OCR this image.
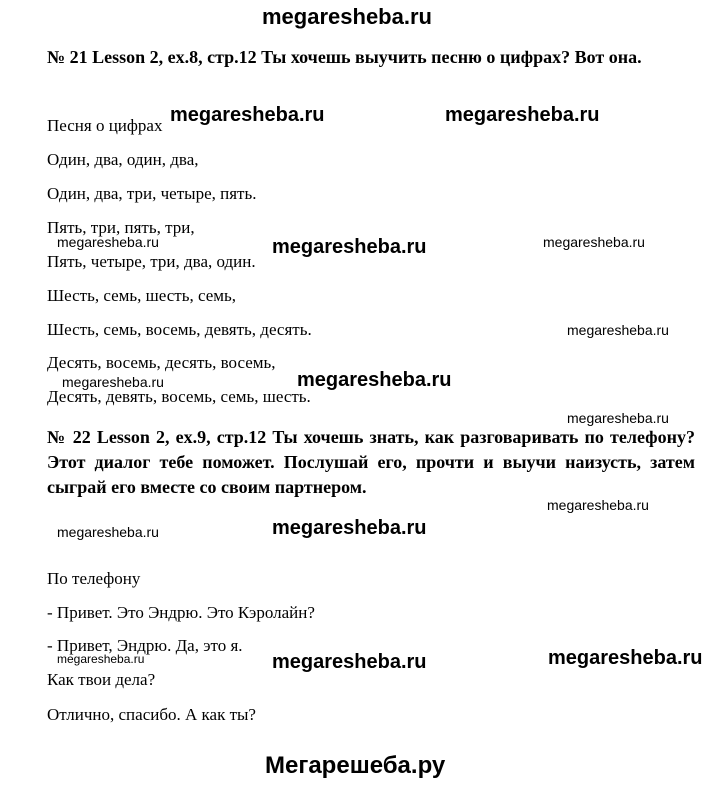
megaresheba.ru
№ 21 Lesson 2, ex.8, стр.12 Ты хочешь выучить песню о цифрах? Вот она.
Песня о цифрах
Один, два, один, два,
Один, два, три, четыре, пять.
Пять, три, пять, три,
Пять, четыре, три, два, один.
Шесть, семь, шесть, семь,
Шесть, семь, восемь, девять, десять.
Десять, восемь, десять, восемь,
Десять, девять, восемь, семь, шесть.
№ 22 Lesson 2, ex.9, стр.12 Ты хочешь знать, как разговаривать по телефону? Этот диалог тебе поможет. Послушай его, прочти и выучи наизусть, затем сыграй его вместе со своим партнером.
По телефону
- Привет. Это Эндрю. Это Кэролайн?
- Привет, Эндрю. Да, это я.
Как твои дела?
Отлично, спасибо. А как ты?
megaresheba.ru	megaresheba.ru
megaresheba.ru	megaresheba.ru	megaresheba.ru
megaresheba.ru
megaresheba.ru	megaresheba.ru
megaresheba.ru
megaresheba.ru
megaresheba.ru	megaresheba.ru
megaresheba.ru	megaresheba.ru	megaresheba.ru
Мегарешеба.ру
